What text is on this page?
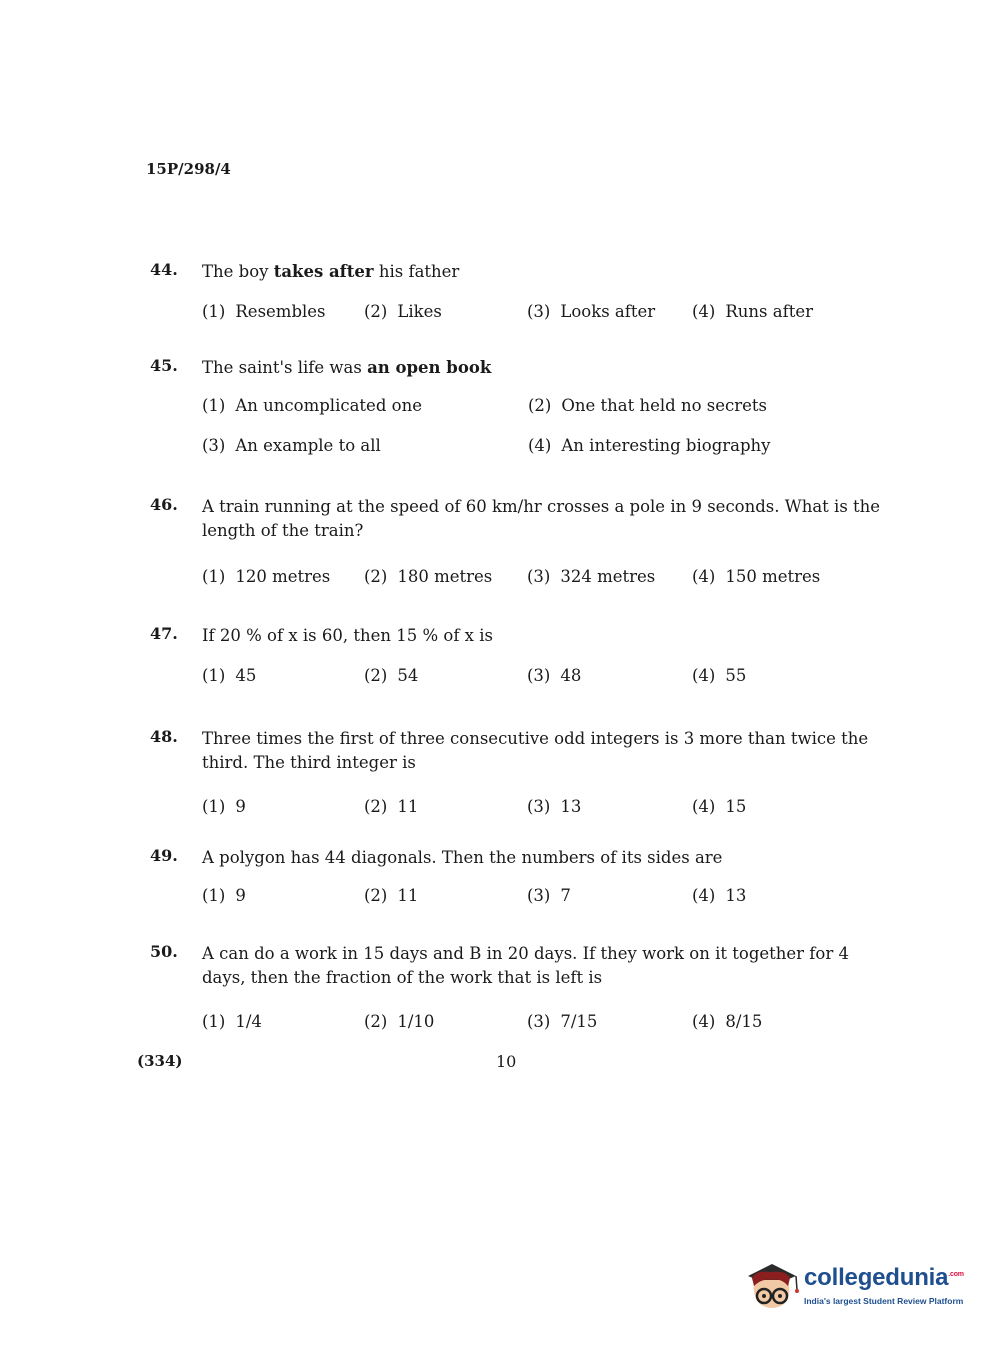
15P/298/4
44.	The boy takes after his father
(1) Resembles	(2) Likes	(3) Looks after	(4) Runs after
45.	The saint's life was an open book
(1) An uncomplicated one	(2) One that held no secrets
(3) An example to all	(4) An interesting biography
46.	A train running at the speed of 60 km/hr crosses a pole in 9 seconds. What is the length of the train?
(1) 120 metres	(2) 180 metres	(3) 324 metres	(4) 150 metres
47.	If 20 % of x is 60, then 15 % of x is
(1) 45	(2) 54	(3) 48	(4) 55
48.	Three times the first of three consecutive odd integers is 3 more than twice the third. The third integer is
(1) 9	(2) 11	(3) 13	(4) 15
49.	A polygon has 44 diagonals. Then the numbers of its sides are
(1) 9	(2) 11	(3) 7	(4) 13
50.	A can do a work in 15 days and B in 20 days. If they work on it together for 4 days, then the fraction of the work that is left is
(1) 1/4	(2) 1/10	(3) 7/15	(4) 8/15
(334)	10
collegedunia$^{.com}$
India's largest Student Review Platform
